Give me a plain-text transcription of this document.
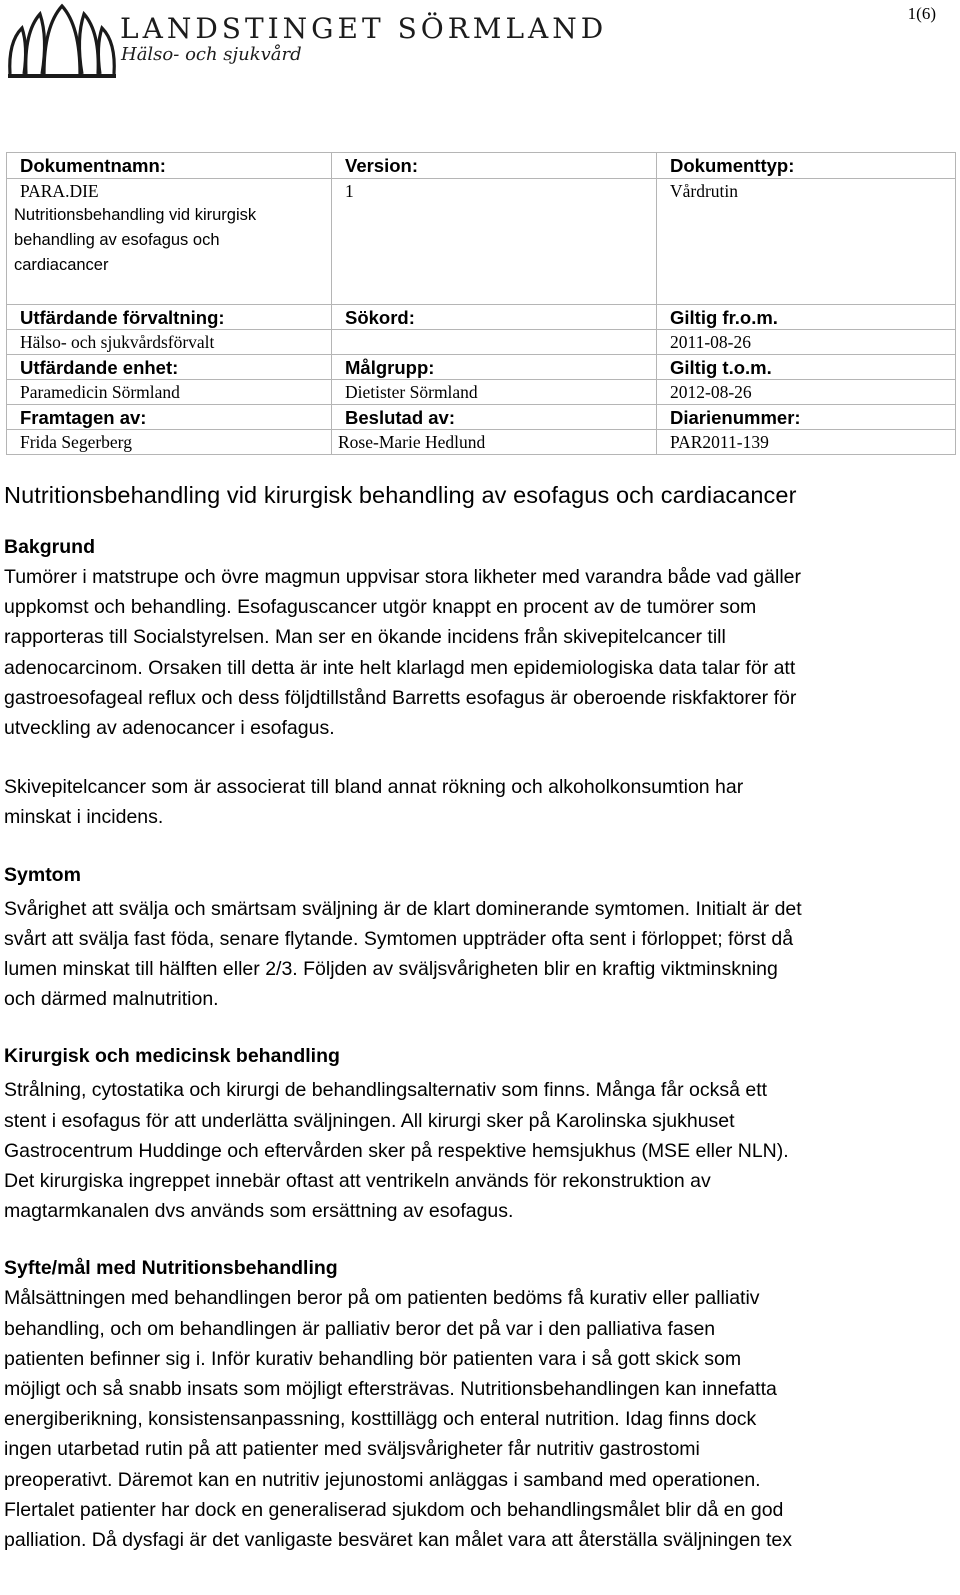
LANDSTINGET SÖRMLAND
Hälso- och sjukvård
1(6)
Dokumentnamn:	Version:	Dokumenttyp:
PARA.DIE
Nutritionsbehandling vid kirurgisk
behandling av esofagus och
cardiacancer	1	Vårdrutin
Utfärdande förvaltning:	Sökord:	Giltig fr.o.m.
Hälso- och sjukvårdsförvalt		2011-08-26
Utfärdande enhet:	Målgrupp:	Giltig t.o.m.
Paramedicin Sörmland	Dietister Sörmland	2012-08-26
Framtagen av:	Beslutad av:	Diarienummer:
Frida Segerberg	Rose-Marie Hedlund	PAR2011-139
Nutritionsbehandling vid kirurgisk behandling av esofagus och cardiacancer
Bakgrund
Tumörer i matstrupe och övre magmun uppvisar stora likheter med varandra både vad gäller
uppkomst och behandling. Esofaguscancer utgör knappt en procent av de tumörer som
rapporteras till Socialstyrelsen. Man ser en ökande incidens från skivepitelcancer till
adenocarcinom. Orsaken till detta är inte helt klarlagd men epidemiologiska data talar för att
gastroesofageal reflux och dess följdtillstånd Barretts esofagus är oberoende riskfaktorer för
utveckling av adenocancer i esofagus.
Skivepitelcancer som är associerat till bland annat rökning och alkoholkonsumtion har
minskat i incidens.
Symtom
Svårighet att svälja och smärtsam sväljning är de klart dominerande symtomen. Initialt är det
svårt att svälja fast föda, senare flytande. Symtomen uppträder ofta sent i förloppet; först då
lumen minskat till hälften eller 2/3. Följden av sväljsvårigheten blir en kraftig viktminskning
och därmed malnutrition.
Kirurgisk och medicinsk behandling
Strålning, cytostatika och kirurgi de behandlingsalternativ som finns. Många får också ett
stent i esofagus för att underlätta sväljningen. All kirurgi sker på Karolinska sjukhuset
Gastrocentrum Huddinge och eftervården sker på respektive hemsjukhus (MSE eller NLN).
Det kirurgiska ingreppet innebär oftast att ventrikeln används för rekonstruktion av
magtarmkanalen dvs används som ersättning av esofagus.
Syfte/mål med Nutritionsbehandling
Målsättningen med behandlingen beror på om patienten bedöms få kurativ eller palliativ
behandling, och om behandlingen är palliativ beror det på var i den palliativa fasen
patienten befinner sig i. Inför kurativ behandling bör patienten vara i så gott skick som
möjligt och så snabb insats som möjligt eftersträvas. Nutritionsbehandlingen kan innefatta
energiberikning, konsistensanpassning, kosttillägg och enteral nutrition. Idag finns dock
ingen utarbetad rutin på att patienter med sväljsvårigheter får nutritiv gastrostomi
preoperativt. Däremot kan en nutritiv jejunostomi anläggas i samband med operationen.
Flertalet patienter har dock en generaliserad sjukdom och behandlingsmålet blir då en god
palliation. Då dysfagi är det vanligaste besväret kan målet vara att återställa sväljningen tex
